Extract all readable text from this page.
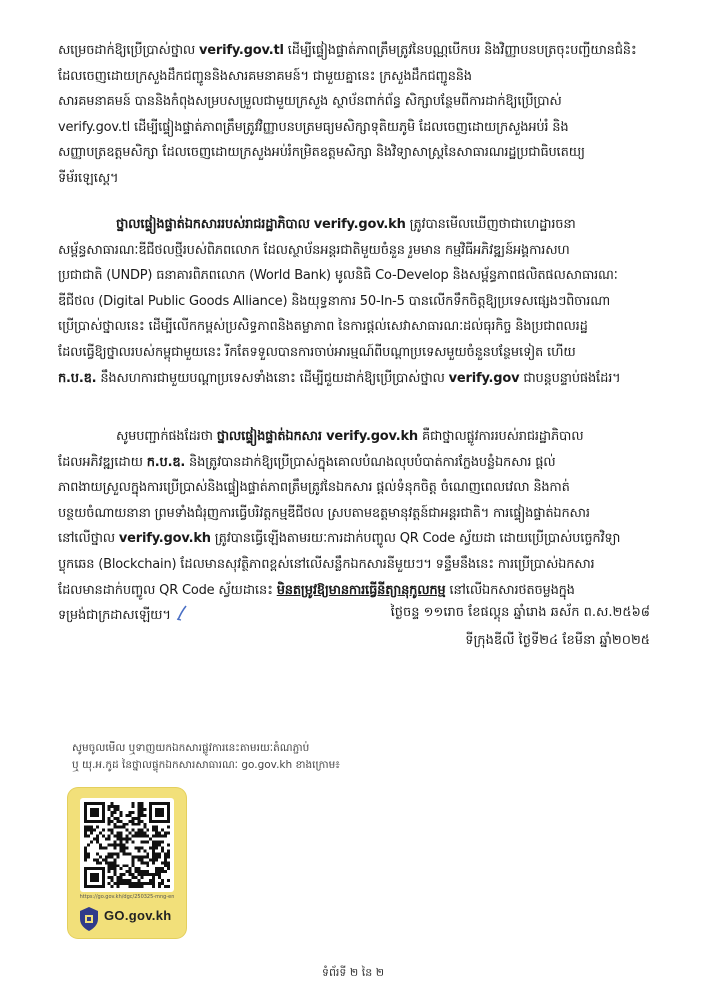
សម្រេចដាក់ឱ្យប្រើប្រាស់ថ្នាល verify.gov.tl ដើម្បីផ្ទៀងផ្ទាត់ភាពត្រឹមត្រូវនៃបណ្ណបើកបរ និងវិញ្ញាបនបត្រចុះបញ្ជីយានជំនិះ
ដែលចេញដោយក្រសួងដឹកជញ្ជូននិងសារគមនាគមន៍។ ជាមួយគ្នានេះ ក្រសួងដឹកជញ្ជូននិង
សារគមនាគមន៍ បាននិងកំពុងសម្របសម្រួលជាមួយក្រសួង ស្ថាប័នពាក់ព័ន្ធ សិក្សាបន្ថែមពីការដាក់ឱ្យប្រើប្រាស់
verify.gov.tl ដើម្បីផ្ទៀងផ្ទាត់ភាពត្រឹមត្រូវវិញ្ញាបនបត្រមធ្យមសិក្សាទុតិយភូមិ ដែលចេញដោយក្រសួងអប់រំ និង
សញ្ញាបត្រឧត្តមសិក្សា ដែលចេញដោយក្រសួងអប់រំកម្រិតឧត្តមសិក្សា និងវិទ្យាសាស្ត្រនៃសាធារណរដ្ឋប្រជាធិបតេយ្យ
ទីម័រឡេស្តេ។
ថ្នាលផ្ទៀងផ្ទាត់ឯកសាររបស់រាជរដ្ឋាភិបាល verify.gov.kh ត្រូវបានមើលឃើញថាជាហេដ្ឋារចនា
សម្ព័ន្ធសាធារណៈឌីជីថលថ្មីរបស់ពិភពលោក ដែលស្ថាប័នអន្តរជាតិមួយចំនួន រួមមាន កម្មវិធីអភិវឌ្ឍន៍អង្គការសហ
ប្រជាជាតិ (UNDP) ធនាគារពិភពលោក (World Bank) មូលនិធិ Co-Develop និងសម្ព័ន្ធភាពផលិតផលសាធារណៈ
ឌីជីថល (Digital Public Goods Alliance) និងយុទ្ធនាការ 50-In-5 បានលើកទឹកចិត្តឱ្យប្រទេសផ្សេងៗពិចារណា
ប្រើប្រាស់ថ្នាលនេះ ដើម្បីលើកកម្ពស់ប្រសិទ្ធភាពនិងតម្លាភាព នៃការផ្តល់សេវាសាធារណៈដល់ធុរកិច្ច និងប្រជាពលរដ្ឋ
ដែលធ្វើឱ្យថ្នាលរបស់កម្ពុជាមួយនេះ រីកតែទទួលបានការចាប់អារម្មណ៍ពីបណ្តាប្រទេសមួយចំនួនបន្ថែមទៀត ហើយ
ក.ប.ឌ. នឹងសហការជាមួយបណ្តាប្រទេសទាំងនោះ ដើម្បីជួយដាក់ឱ្យប្រើប្រាស់ថ្នាល verify.gov ជាបន្តបន្ទាប់ផងដែរ។
សូមបញ្ជាក់ផងដែរថា ថ្នាលផ្ទៀងផ្ទាត់ឯកសារ verify.gov.kh គឺជាថ្នាលផ្លូវការរបស់រាជរដ្ឋាភិបាល
ដែលអភិវឌ្ឍដោយ ក.ប.ឌ. និងត្រូវបានដាក់ឱ្យប្រើប្រាស់ក្នុងគោលបំណងលុបបំបាត់ការក្លែងបន្លំឯកសារ ផ្តល់
ភាពងាយស្រួលក្នុងការប្រើប្រាស់និងផ្ទៀងផ្ទាត់ភាពត្រឹមត្រូវនៃឯកសារ ផ្តល់ទំនុកចិត្ត ចំណេញពេលវេលា និងកាត់
បន្ថយចំណាយនានា ព្រមទាំងជំរុញការធ្វើបរិវត្តកម្មឌីជីថល ស្របតាមឧត្តមានុវត្តន៍ជាអន្តរជាតិ។ ការផ្ទៀងផ្ទាត់ឯកសារ
នៅលើថ្នាល verify.gov.kh ត្រូវបានធ្វើឡើងតាមរយៈការដាក់បញ្ចូល QR Code ស្វ័យដា ដោយប្រើប្រាស់បច្ចេកវិទ្យា
ប្លុកឆេន (Blockchain) ដែលមានសុវត្ថិភាពខ្ពស់នៅលើសន្លឹកឯកសារនីមួយៗ។ ទន្ទឹមនឹងនេះ ការប្រើប្រាស់ឯកសារ
ដែលមានដាក់បញ្ចូល QR Code ស្វ័យដានេះ មិនតម្រូវឱ្យមានការធ្វើនីត្យានុកូលកម្ម នៅលើឯកសារថតចម្លងក្នុង
ទម្រង់ជាក្រដាសឡើយ។	ថ្ងៃចន្ទ ១១រោច ខែផល្គុន ឆ្នាំរោង ឆស័ក ព.ស.២៥៦៨
ទីក្រុងឌីលី ថ្ងៃទី២៤ ខែមីនា ឆ្នាំ២០២៥
សូមចូលមើល ឬទាញយកឯកសារផ្លូវការនេះតាមរយៈតំណភ្ជាប់
ឬ យុ.អ.កូដ នៃថ្នាលផ្ទុកឯកសារសាធារណៈ go.gov.kh ខាងក្រោម៖
https://go.gov.kh/dgc/250325-mng-en
GO.gov.kh
ទំព័រទី ២ នៃ ២
